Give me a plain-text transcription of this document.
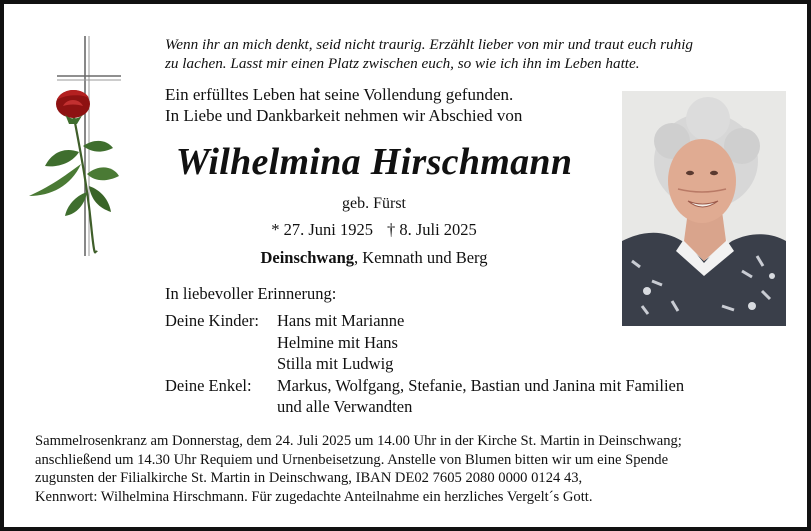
Wenn ihr an mich denkt, seid nicht traurig. Erzählt lieber von mir und traut euch ruhig
zu lachen. Lasst mir einen Platz zwischen euch, so wie ich ihn im Leben hatte.
Ein erfülltes Leben hat seine Vollendung gefunden.
In Liebe und Dankbarkeit nehmen wir Abschied von
Wilhelmina Hirschmann
geb. Fürst
* 27. Juni 1925 † 8. Juli 2025
Deinschwang, Kemnath und Berg
In liebevoller Erinnerung:
Deine Kinder:	Hans mit Marianne
Helmine mit Hans
Stilla mit Ludwig
Deine Enkel:	Markus, Wolfgang, Stefanie, Bastian und Janina mit Familien
und alle Verwandten
Sammelrosenkranz am Donnerstag, dem 24. Juli 2025 um 14.00 Uhr in der Kirche St. Martin in Deinschwang;
anschließend um 14.30 Uhr Requiem und Urnenbeisetzung. Anstelle von Blumen bitten wir um eine Spende
zugunsten der Filialkirche St. Martin in Deinschwang, IBAN DE02 7605 2080 0000 0124 43,
Kennwort: Wilhelmina Hirschmann. Für zugedachte Anteilnahme ein herzliches Vergelt´s Gott.
